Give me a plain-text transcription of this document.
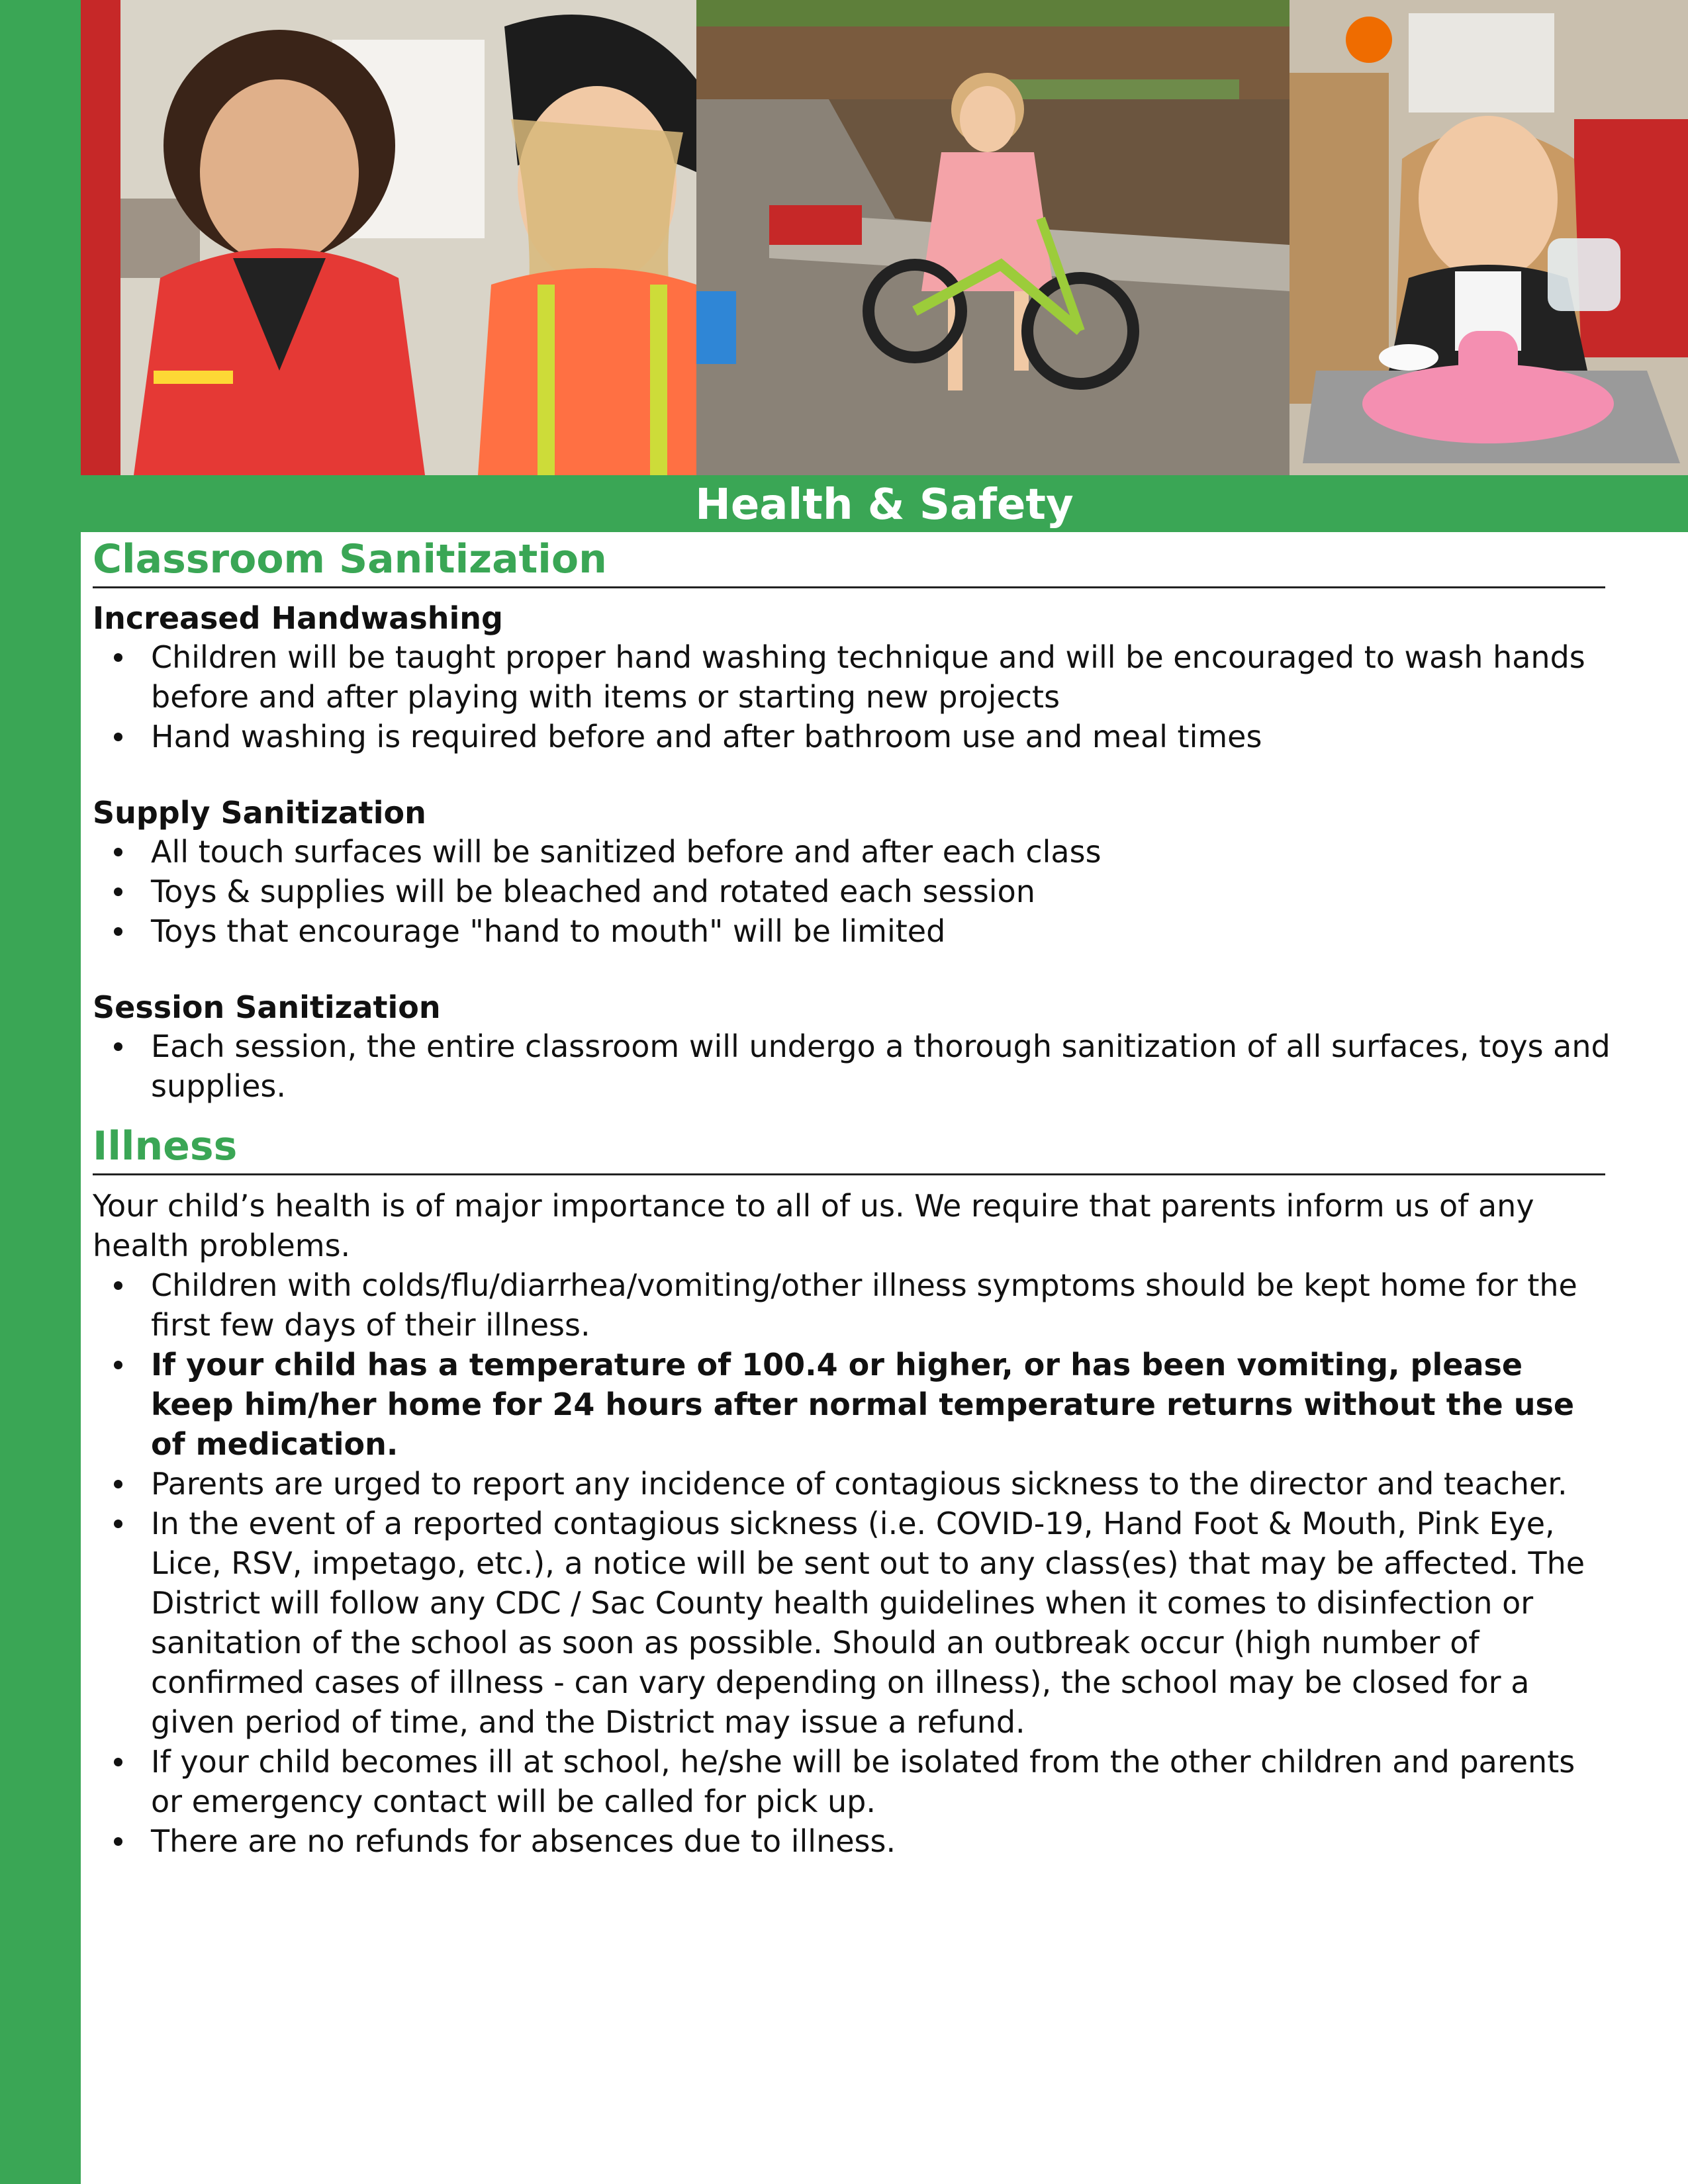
Health & Safety
Classroom Sanitization
Increased Handwashing
Children will be taught proper hand washing technique and will be encouraged to wash hands before and after playing with items or starting new projects
Hand washing is required before and after bathroom use and meal times
Supply Sanitization
All touch surfaces will be sanitized before and after each class
Toys & supplies will be bleached and rotated each session
Toys that encourage "hand to mouth" will be limited
Session Sanitization
Each session, the entire classroom will undergo a thorough sanitization of all surfaces, toys and supplies.
Illness

Your child’s health is of major importance to all of us. We require that parents inform us of any health problems.

Children with colds/flu/diarrhea/vomiting/other illness symptoms should be kept home for the first few days of their illness.
If your child has a temperature of 100.4 or higher, or has been vomiting, please keep him/her home for 24 hours after normal temperature returns without the use of medication.
Parents are urged to report any incidence of contagious sickness to the director and teacher.
In the event of a reported contagious sickness (i.e. COVID-19, Hand Foot & Mouth, Pink Eye, Lice, RSV, impetago, etc.), a notice will be sent out to any class(es) that may be affected. The District will follow any CDC / Sac County health guidelines when it comes to disinfection or sanitation of the school as soon as possible. Should an outbreak occur (high number of confirmed cases of illness - can vary depending on illness), the school may be closed for a given period of time, and the District may issue a refund.
If your child becomes ill at school, he/she will be isolated from the other children and parents or emergency contact will be called for pick up.
There are no refunds for absences due to illness.
